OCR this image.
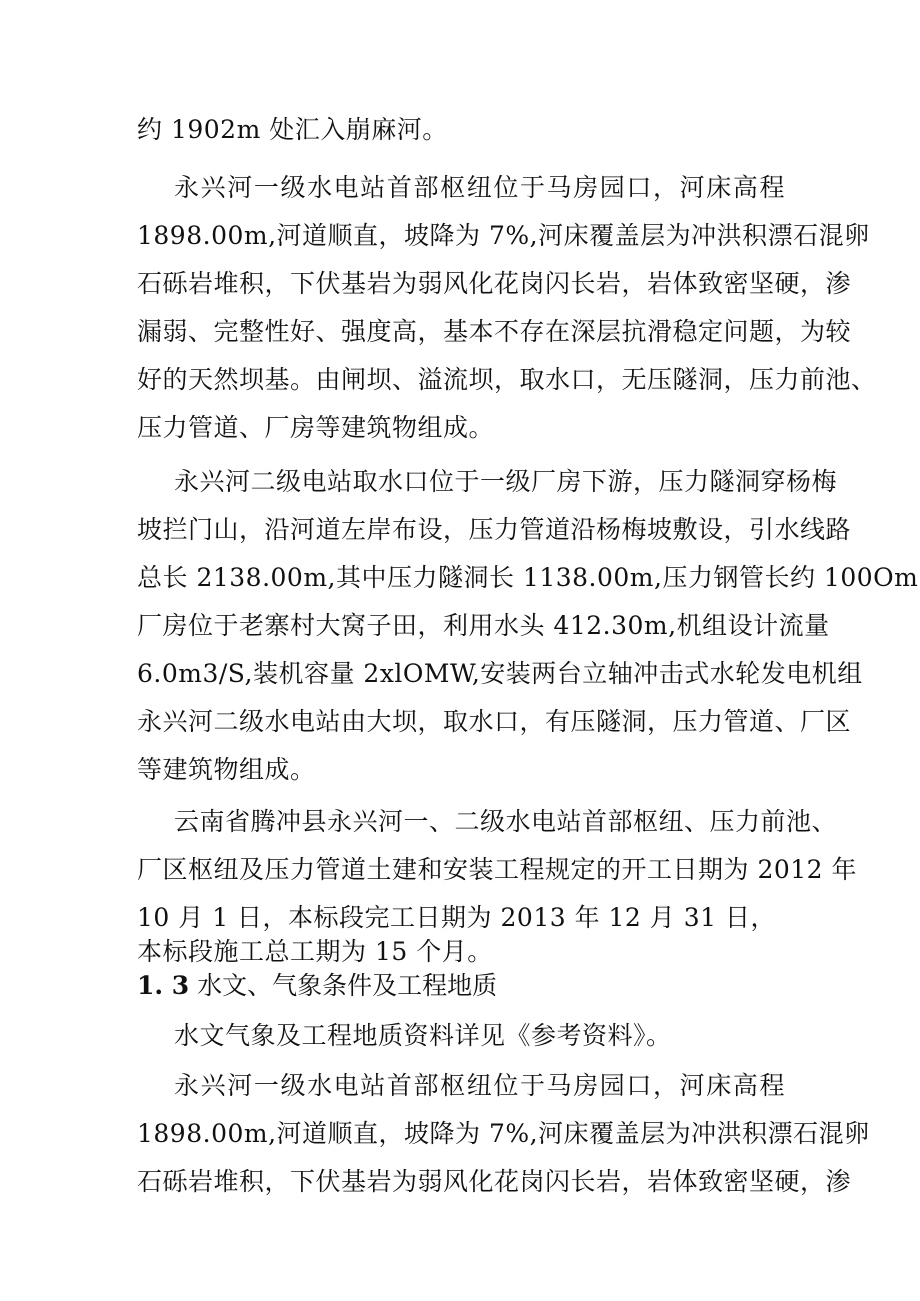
约 1902m 处汇入崩麻河。
永兴河一级水电站首部枢纽位于马房园口，河床高程
1898.00m,河道顺直，坡降为 7%,河床覆盖层为冲洪积漂石混卵
石砾岩堆积，下伏基岩为弱风化花岗闪长岩，岩体致密坚硬，渗
漏弱、完整性好、强度高，基本不存在深层抗滑稳定问题，为较
好的天然坝基。由闸坝、溢流坝，取水口，无压隧洞，压力前池、
压力管道、厂房等建筑物组成。
永兴河二级电站取水口位于一级厂房下游，压力隧洞穿杨梅
坡拦门山，沿河道左岸布设，压力管道沿杨梅坡敷设，引水线路
总长 2138.00m,其中压力隧洞长 1138.00m,压力钢管长约 100Om
厂房位于老寨村大窝子田，利用水头 412.30m,机组设计流量
6.0m3/S,装机容量 2xlOMW,安装两台立轴冲击式水轮发电机组
永兴河二级水电站由大坝，取水口，有压隧洞，压力管道、厂区
等建筑物组成。
云南省腾冲县永兴河一、二级水电站首部枢纽、压力前池、
厂区枢纽及压力管道土建和安装工程规定的开工日期为 2012 年
10 月 1 日，本标段完工日期为 2013 年 12 月 31 日，
本标段施工总工期为 15 个月。
1. 3 水文、气象条件及工程地质
水文气象及工程地质资料详见《参考资料》。
永兴河一级水电站首部枢纽位于马房园口，河床高程
1898.00m,河道顺直，坡降为 7%,河床覆盖层为冲洪积漂石混卵
石砾岩堆积，下伏基岩为弱风化花岗闪长岩，岩体致密坚硬，渗
